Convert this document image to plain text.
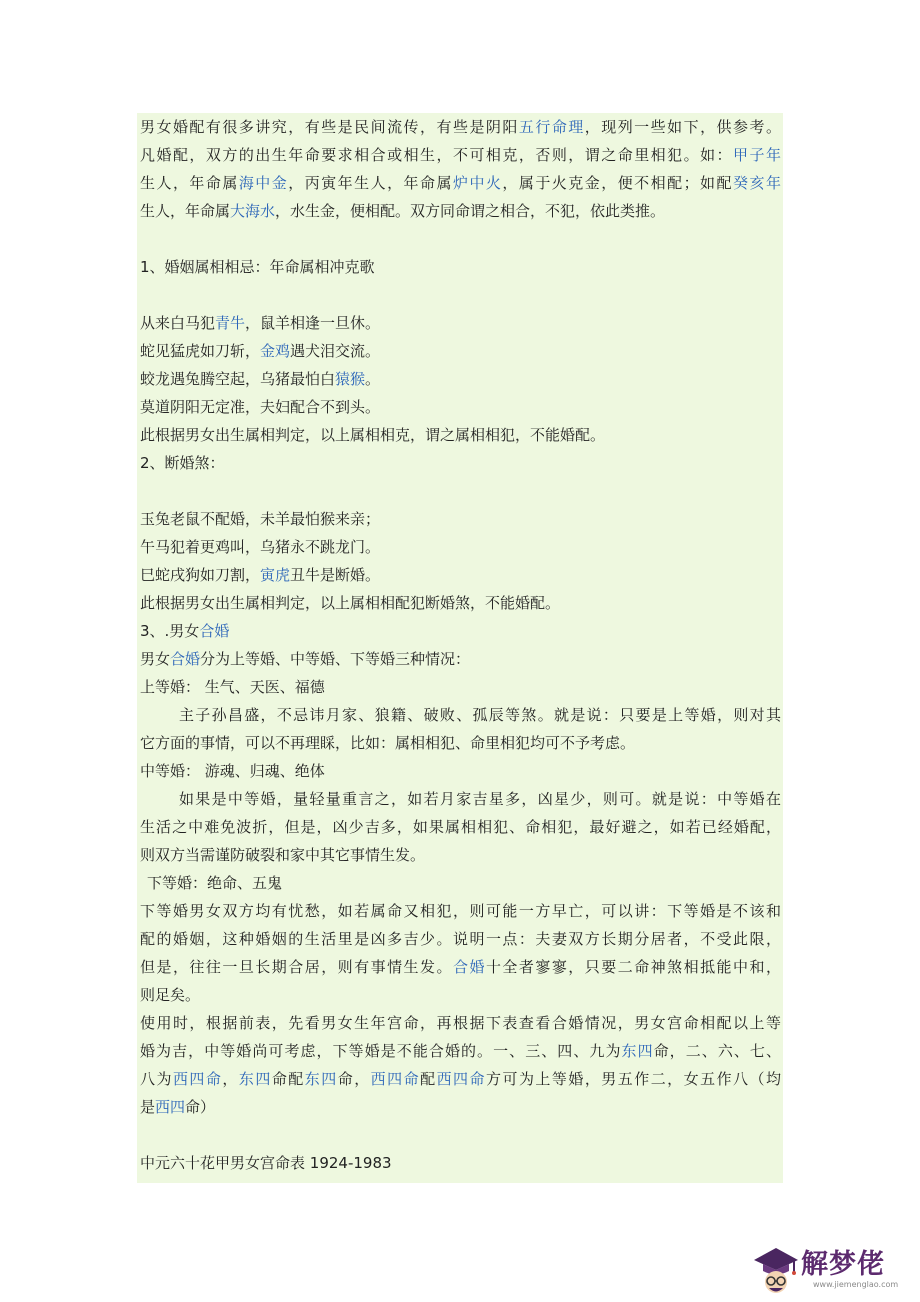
男女婚配有很多讲究，有些是民间流传，有些是阴阳五行命理，现列一些如下，供参考。
凡婚配，双方的出生年命要求相合或相生，不可相克，否则，谓之命里相犯。如：甲子年
生人，年命属海中金，丙寅年生人，年命属炉中火，属于火克金，便不相配；如配癸亥年
生人，年命属大海水，水生金，便相配。双方同命谓之相合，不犯，依此类推。
1、婚姻属相相忌：年命属相冲克歌
从来白马犯青牛，鼠羊相逢一旦休。
蛇见猛虎如刀斩，金鸡遇犬泪交流。
蛟龙遇兔腾空起，乌猪最怕白猿猴。
莫道阴阳无定准，夫妇配合不到头。
此根据男女出生属相判定，以上属相相克，谓之属相相犯，不能婚配。
2、断婚煞：
玉兔老鼠不配婚，未羊最怕猴来亲；
午马犯着更鸡叫，乌猪永不跳龙门。
巳蛇戌狗如刀割，寅虎丑牛是断婚。
此根据男女出生属相判定，以上属相相配犯断婚煞，不能婚配。
3、.男女合婚
男女合婚分为上等婚、中等婚、下等婚三种情况：
上等婚： 生气、天医、福德
主子孙昌盛，不忌讳月家、狼籍、破败、孤辰等煞。就是说：只要是上等婚，则对其
它方面的事情，可以不再理睬，比如：属相相犯、命里相犯均可不予考虑。
中等婚： 游魂、归魂、绝体
如果是中等婚，量轻量重言之，如若月家吉星多，凶星少，则可。就是说：中等婚在
生活之中难免波折，但是，凶少吉多，如果属相相犯、命相犯，最好避之，如若已经婚配，
则双方当需谨防破裂和家中其它事情生发。
下等婚：绝命、五鬼
下等婚男女双方均有忧愁，如若属命又相犯，则可能一方早亡，可以讲：下等婚是不该和
配的婚姻，这种婚姻的生活里是凶多吉少。说明一点：夫妻双方长期分居者，不受此限，
但是，往往一旦长期合居，则有事情生发。合婚十全者寥寥，只要二命神煞相抵能中和，
则足矣。
使用时，根据前表，先看男女生年宫命，再根据下表查看合婚情况，男女宫命相配以上等
婚为吉，中等婚尚可考虑，下等婚是不能合婚的。一、三、四、九为东四命，二、六、七、
八为西四命，东四命配东四命，西四命配西四命方可为上等婚，男五作二，女五作八（均
是西四命）
中元六十花甲男女宫命表 1924-1983
解梦佬
www.jiemenglao.com
